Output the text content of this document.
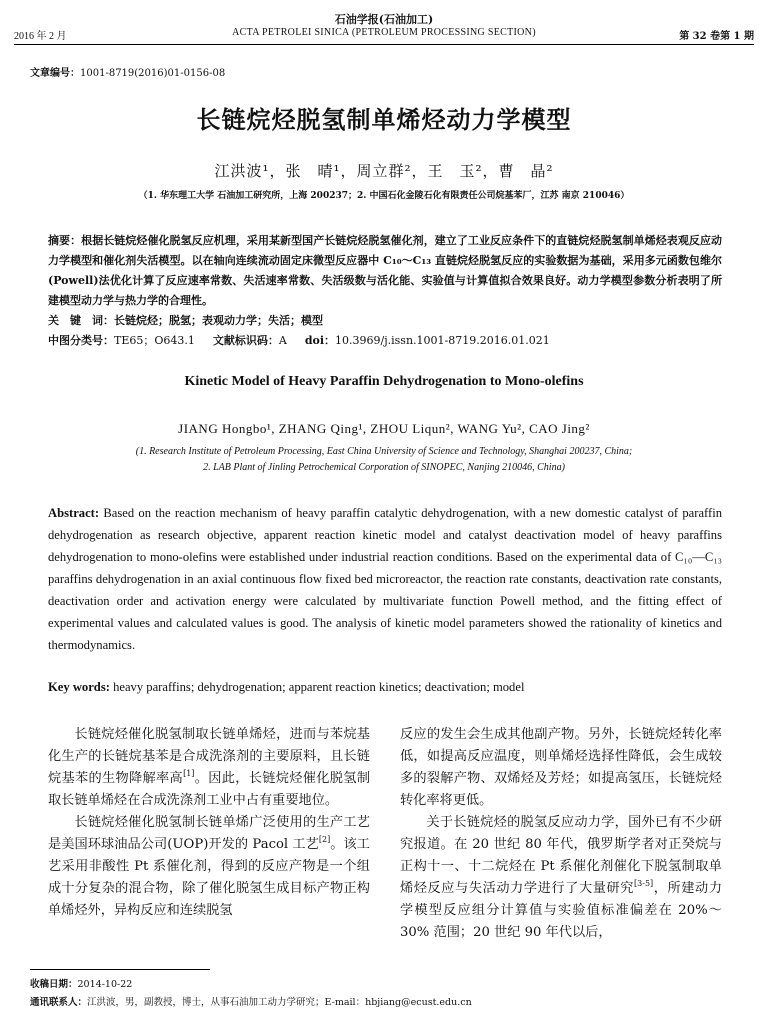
石油学报(石油加工)
2016 年 2 月	ACTA PETROLEI SINICA (PETROLEUM PROCESSING SECTION)	第 32 卷第 1 期
文章编号：1001-8719(2016)01-0156-08
长链烷烃脱氢制单烯烃动力学模型
江洪波¹，张　晴¹，周立群²，王　玉²，曹　晶²
（1. 华东理工大学 石油加工研究所，上海 200237；2. 中国石化金陵石化有限责任公司烷基苯厂，江苏 南京 210046）
摘要：根据长链烷烃催化脱氢反应机理，采用某新型国产长链烷烃脱氢催化剂，建立了工业反应条件下的直链烷烃脱氢制单烯烃表观反应动力学模型和催化剂失活模型。以在轴向连续流动固定床微型反应器中 C₁₀～C₁₃ 直链烷烃脱氢反应的实验数据为基础，采用多元函数包维尔(Powell)法优化计算了反应速率常数、失活速率常数、失活级数与活化能、实验值与计算值拟合效果良好。动力学模型参数分析表明了所建模型动力学与热力学的合理性。
关　键　词：长链烷烃；脱氢；表观动力学；失活；模型
中图分类号：TE65；O643.1 文献标识码：A doi：10.3969/j.issn.1001-8719.2016.01.021
Kinetic Model of Heavy Paraffin Dehydrogenation to Mono-olefins
JIANG Hongbo¹, ZHANG Qing¹, ZHOU Liqun², WANG Yu², CAO Jing²
(1. Research Institute of Petroleum Processing, East China University of Science and Technology, Shanghai 200237, China;
2. LAB Plant of Jinling Petrochemical Corporation of SINOPEC, Nanjing 210046, China)
Abstract: Based on the reaction mechanism of heavy paraffin catalytic dehydrogenation, with a new domestic catalyst of paraffin dehydrogenation as research objective, apparent reaction kinetic model and catalyst deactivation model of heavy paraffins dehydrogenation to mono-olefins were established under industrial reaction conditions. Based on the experimental data of C₁₀—C₁₃ paraffins dehydrogenation in an axial continuous flow fixed bed microreactor, the reaction rate constants, deactivation rate constants, deactivation order and activation energy were calculated by multivariate function Powell method, and the fitting effect of experimental values and calculated values is good. The analysis of kinetic model parameters showed the rationality of kinetics and thermodynamics.
Key words: heavy paraffins; dehydrogenation; apparent reaction kinetics; deactivation; model

长链烷烃催化脱氢制取长链单烯烃，进而与苯烷基化生产的长链烷基苯是合成洗涤剂的主要原料，且长链烷基苯的生物降解率高[1]。因此，长链烷烃催化脱氢制取长链单烯烃在合成洗涤剂工业中占有重要地位。

长链烷烃催化脱氢制长链单烯广泛使用的生产工艺是美国环球油品公司(UOP)开发的 Pacol 工艺[2]。该工艺采用非酸性 Pt 系催化剂，得到的反应产物是一个组成十分复杂的混合物，除了催化脱氢生成目标产物正构单烯烃外，异构反应和连续脱氢

反应的发生会生成其他副产物。另外，长链烷烃转化率低，如提高反应温度，则单烯烃选择性降低，会生成较多的裂解产物、双烯烃及芳烃；如提高氢压，长链烷烃转化率将更低。

关于长链烷烃的脱氢反应动力学，国外已有不少研究报道。在 20 世纪 80 年代，俄罗斯学者对正癸烷与正构十一、十二烷烃在 Pt 系催化剂催化下脱氢制取单烯烃反应与失活动力学进行了大量研究[3-5]，所建动力学模型反应组分计算值与实验值标准偏差在 20%～30% 范围；20 世纪 90 年代以后，

收稿日期：2014-10-22
通讯联系人：江洪波，男，副教授，博士，从事石油加工动力学研究；E-mail：hbjiang@ecust.edu.cn
